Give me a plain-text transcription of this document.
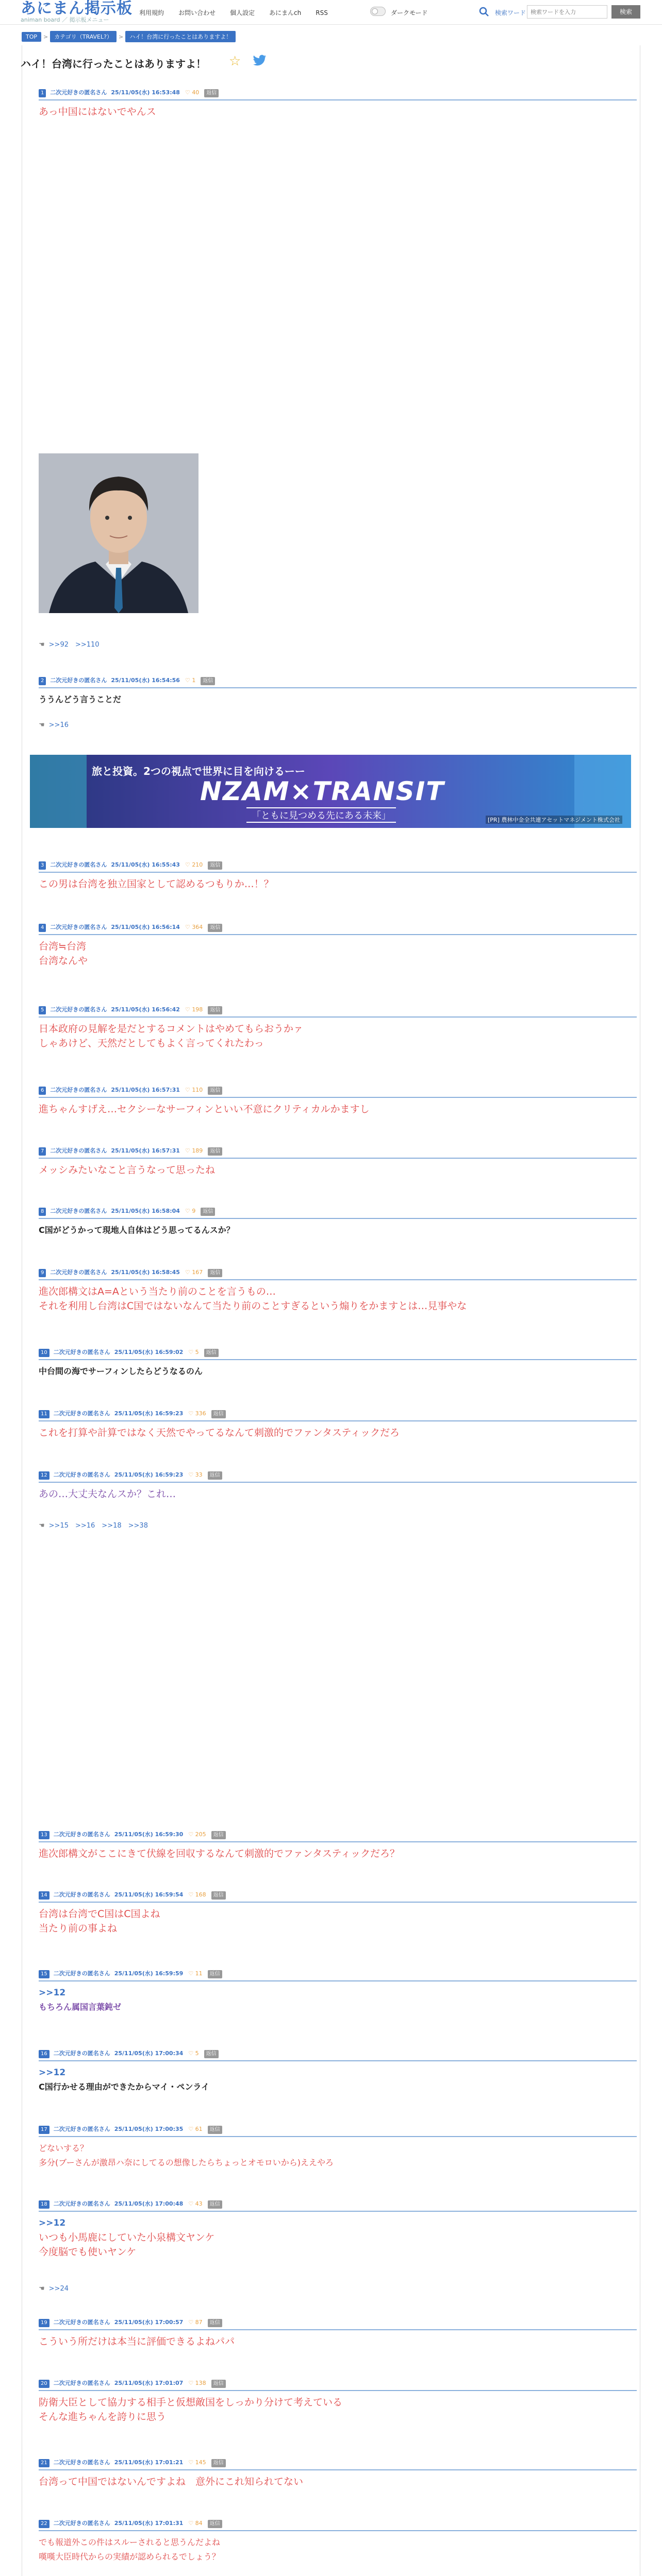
あにまん掲示板
animan board ／ 掲示板メニュー
利用規約 お問い合わせ 個人設定 あにまんch RSS	ダークモード	検索ワード
検索ワードを入力	検索
TOP > カテゴリ（TRAVEL?） > ハイ！台湾に行ったことはありますよ！
ハイ！台湾に行ったことはありますよ！ ☆
1 二次元好きの匿名さん 25/11/05(水) 16:53:48 ♡ 40 返信
あっ中国にはないでやんス
☚ >>92　>>110
2 二次元好きの匿名さん 25/11/05(水) 16:54:56 ♡ 1 返信
ううんどう言うことだ
☚ >>16
旅と投資。2つの視点で世界に目を向けるーー
NZAM×TRANSIT
「ともに見つめる先にある未来」	[PR] 農林中金全共連アセットマネジメント株式会社
3 二次元好きの匿名さん 25/11/05(水) 16:55:43 ♡ 210 返信
この男は台湾を独立国家として認めるつもりか…！？
4 二次元好きの匿名さん 25/11/05(水) 16:56:14 ♡ 364 返信
台湾≒台湾
台湾なんや
5 二次元好きの匿名さん 25/11/05(水) 16:56:42 ♡ 198 返信
日本政府の見解を是だとするコメントはやめてもらおうかァ
しゃあけど、天然だとしてもよく言ってくれたわっ
6 二次元好きの匿名さん 25/11/05(水) 16:57:31 ♡ 110 返信
進ちゃんすげえ…セクシーなサーフィンといい不意にクリティカルかますし
7 二次元好きの匿名さん 25/11/05(水) 16:57:31 ♡ 189 返信
メッシみたいなこと言うなって思ったね
8 二次元好きの匿名さん 25/11/05(水) 16:58:04 ♡ 9 返信
C国がどうかって現地人自体はどう思ってるんスか？
9 二次元好きの匿名さん 25/11/05(水) 16:58:45 ♡ 167 返信
進次郎構文はA=Aという当たり前のことを言うもの…
それを利用し台湾はC国ではないなんて当たり前のことすぎるという煽りをかますとは…見事やな
10 二次元好きの匿名さん 25/11/05(水) 16:59:02 ♡ 5 返信
中台間の海でサーフィンしたらどうなるのん
11 二次元好きの匿名さん 25/11/05(水) 16:59:23 ♡ 336 返信
これを打算や計算ではなく天然でやってるなんて刺激的でファンタスティックだろ
12 二次元好きの匿名さん 25/11/05(水) 16:59:23 ♡ 33 返信
あの…大丈夫なんスか？これ…
☚ >>15　>>16　>>18　>>38
13 二次元好きの匿名さん 25/11/05(水) 16:59:30 ♡ 205 返信
進次郎構文がここにきて伏線を回収するなんて刺激的でファンタスティックだろ？
14 二次元好きの匿名さん 25/11/05(水) 16:59:54 ♡ 168 返信
台湾は台湾でC国はC国よね
当たり前の事よね
15 二次元好きの匿名さん 25/11/05(水) 16:59:59 ♡ 11 返信
>>12
もちろん属国言葉鈍ゼ
16 二次元好きの匿名さん 25/11/05(水) 17:00:34 ♡ 5 返信
>>12
C国行かせる理由ができたからマイ・ペンライ
17 二次元好きの匿名さん 25/11/05(水) 17:00:35 ♡ 61 返信
どないする？
多分(ブーさんが激昂ハ奈にしてるの想像したらちょっとオモロいから)ええやろ
18 二次元好きの匿名さん 25/11/05(水) 17:00:48 ♡ 43 返信
>>12
いつも小馬鹿にしていた小泉構文ヤンケ
今度脳でも使いヤンケ
☚ >>24
19 二次元好きの匿名さん 25/11/05(水) 17:00:57 ♡ 87 返信
こういう所だけは本当に評価できるよねパパ
20 二次元好きの匿名さん 25/11/05(水) 17:01:07 ♡ 138 返信
防衛大臣として協力する相手と仮想敵国をしっかり分けて考えている
そんな進ちゃんを誇りに思う
21 二次元好きの匿名さん 25/11/05(水) 17:01:21 ♡ 145 返信
台湾って中国ではないんですよね　意外にこれ知られてない
22 二次元好きの匿名さん 25/11/05(水) 17:01:31 ♡ 84 返信
でも報道外この件はスルーされると思うんだよね
嘆嘆大臣時代からの実績が認められるでしょう？
